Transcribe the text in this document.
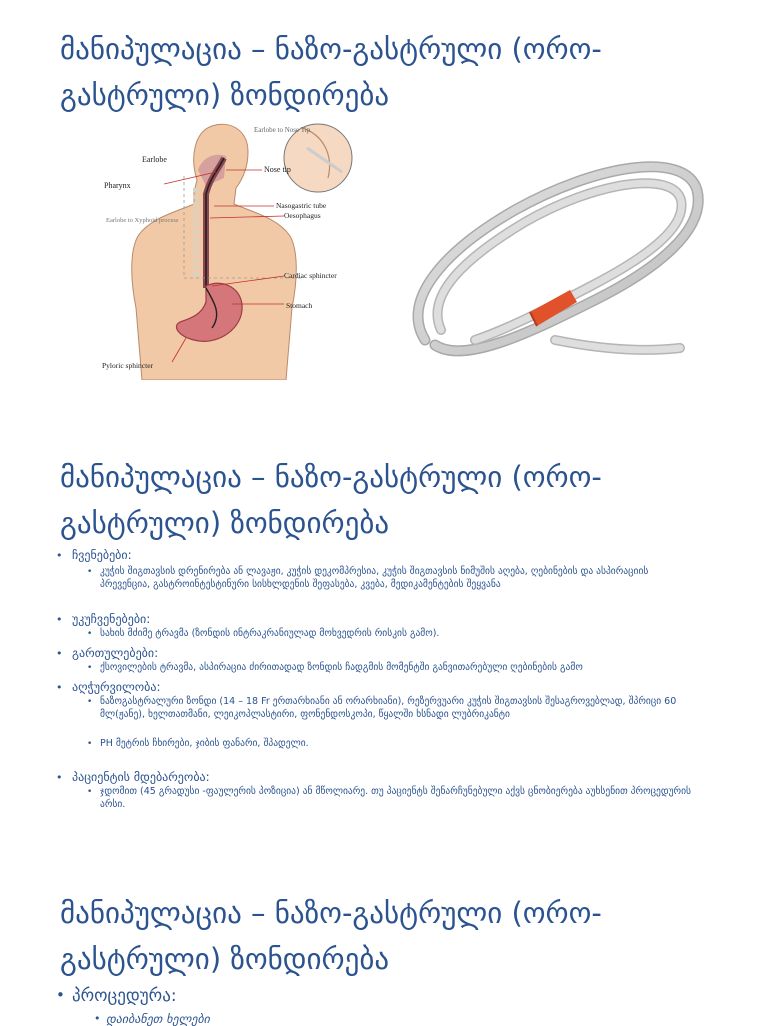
მანიპულაცია – ნაზო-გასტრული (ორო-გასტრული) ზონდირება
Earlobe to Nose Tip
Earlobe
Nose tip
Pharynx
Nasogastric tube
Oesophagus
Earlobe to Xyphoid process
Cardiac sphincter
Stomach
Pyloric sphincter
მანიპულაცია – ნაზო-გასტრული (ორო-გასტრული) ზონდირება
• ჩვენებები:
• კუჭის შიგთავსის დრენირება ან ლავაჟი, კუჭის დეკომპრესია, კუჭის შიგთავსის ნიმუშის აღება, ღებინების და ასპირაციის პრევენცია, გასტროინტესტინური სისხლდენის შეფასება, კვება, მედიკამენტების შეყვანა
• უკუჩვენებები:
• სახის მძიმე ტრავმა (ზონდის ინტრაკრანიულად მოხვედრის რისკის გამო).
• გართულებები:
• ქსოვილების ტრავმა, ასპირაცია ძირითადად ზონდის ჩადგმის მომენტში განვითარებული ღებინების გამო
• აღჭურვილობა:
• ნაზოგასტრალური ზონდი (14 – 18 Fr ერთარხიანი ან ორარხიანი), რეზერვუარი კუჭის შიგთავსის შესაგროვებლად, შპრიცი 60 მლ(ჟანე), ხელთათმანი, ლეიკოპლასტირი, ფონენდოსკოპი, წყალში ხსნადი ლუბრიკანტი
• PH მეტრის ჩხირები, ჯიბის ფანარი, შპადელი.
• პაციენტის მდებარეობა:
• ჯდომით (45 გრადუსი -ფაულერის პოზიცია) ან მწოლიარე. თუ პაციენტს შენარჩუნებული აქვს ცნობიერება აუხსენით პროცედურის არსი.
მანიპულაცია – ნაზო-გასტრული (ორო-გასტრული) ზონდირება
• პროცედურა:
• დაიბანეთ ხელები
